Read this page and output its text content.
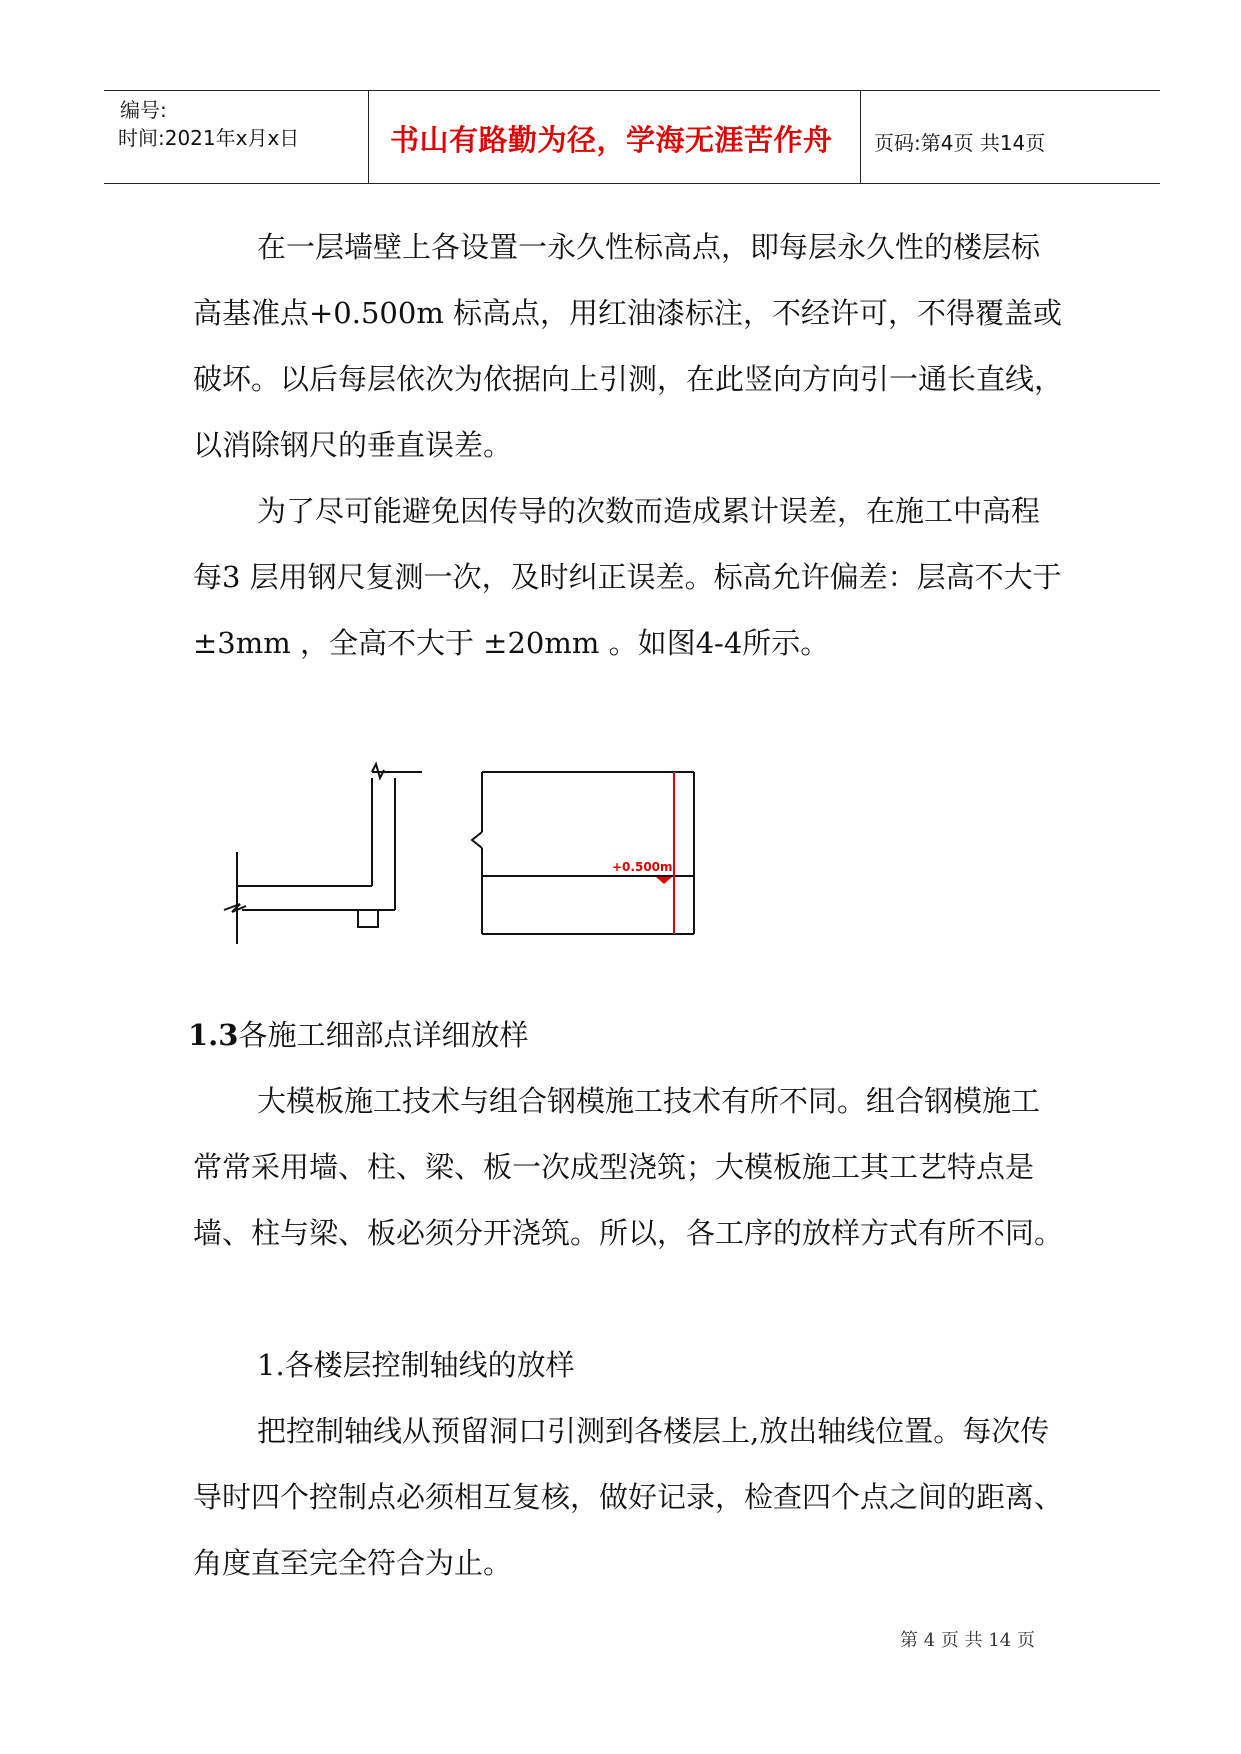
编号:
时间:2021年x月x日	书山有路勤为径，学海无涯苦作舟 页码:第4页 共14页

在一层墙壁上各设置一永久性标高点，即每层永久性的楼层标高基准点+0.500m 标高点，用红油漆标注，不经许可，不得覆盖或破坏。以后每层依次为依据向上引测，在此竖向方向引一通长直线，以消除钢尺的垂直误差。

为了尽可能避免因传导的次数而造成累计误差，在施工中高程每3 层用钢尺复测一次，及时纠正误差。标高允许偏差：层高不大于 ±3mm ，全高不大于 ±20mm 。如图4-4所示。

+0.500m
1.3各施工细部点详细放样

大模板施工技术与组合钢模施工技术有所不同。组合钢模施工常常采用墙、柱、梁、板一次成型浇筑；大模板施工其工艺特点是墙、柱与梁、板必须分开浇筑。所以，各工序的放样方式有所不同。

1.各楼层控制轴线的放样

把控制轴线从预留洞口引测到各楼层上,放出轴线位置。每次传导时四个控制点必须相互复核，做好记录，检查四个点之间的距离、角度直至完全符合为止。

第 4 页 共 14 页
